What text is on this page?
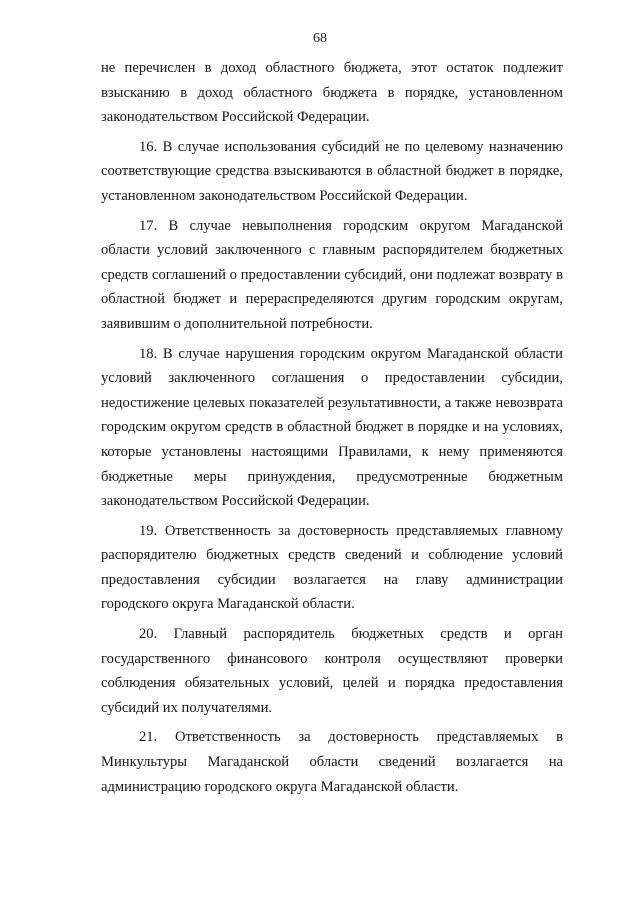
68

не перечислен в доход областного бюджета, этот остаток подлежит взысканию в доход областного бюджета в порядке, установленном законодательством Российской Федерации.

16. В случае использования субсидий не по целевому назначению соответствующие средства взыскиваются в областной бюджет в порядке, установленном законодательством Российской Федерации.

17. В случае невыполнения городским округом Магаданской области условий заключенного с главным распорядителем бюджетных средств соглашений о предоставлении субсидий, они подлежат возврату в областной бюджет и перераспределяются другим городским округам, заявившим о дополнительной потребности.

18. В случае нарушения городским округом Магаданской области условий заключенного соглашения о предоставлении субсидии, недостижение целевых показателей результативности, а также невозврата городским округом средств в областной бюджет в порядке и на условиях, которые установлены настоящими Правилами, к нему применяются бюджетные меры принуждения, предусмотренные бюджетным законодательством Российской Федерации.

19. Ответственность за достоверность представляемых главному распорядителю бюджетных средств сведений и соблюдение условий предоставления субсидии возлагается на главу администрации городского округа Магаданской области.

20. Главный распорядитель бюджетных средств и орган государственного финансового контроля осуществляют проверки соблюдения обязательных условий, целей и порядка предоставления субсидий их получателями.

21. Ответственность за достоверность представляемых в Минкультуры Магаданской области сведений возлагается на администрацию городского округа Магаданской области.
